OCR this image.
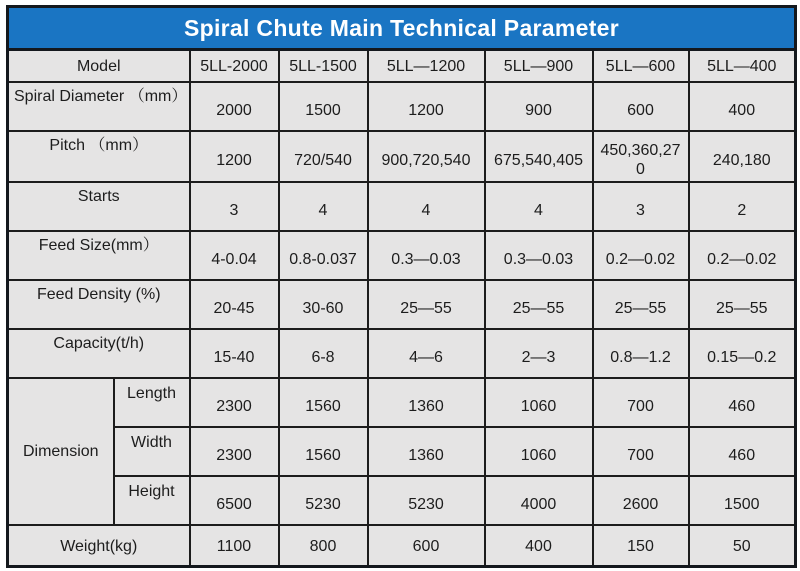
Spiral Chute Main Technical Parameter							
Model		5LL-2000	5LL-1500	5LL—1200	5LL—900	5LL—600	5LL—400
Spiral Diameter （mm）		2000	1500	1200	900	600	400
Pitch （mm）		1200	720/540	900,720,540	675,540,405	450,360,270	240,180
Starts		3	4	4	4	3	2
Feed Size(mm）		4-0.04	0.8-0.037	0.3—0.03	0.3—0.03	0.2—0.02	0.2—0.02
Feed Density (%)		20-45	30-60	25—55	25—55	25—55	25—55
Capacity(t/h)		15-40	6-8	4—6	2—3	0.8—1.2	0.15—0.2
Dimension	Length	2300	1560	1360	1060	700	460
	Width	2300	1560	1360	1060	700	460
	Height	6500	5230	5230	4000	2600	1500
Weight(kg)		1100	800	600	400	150	50
